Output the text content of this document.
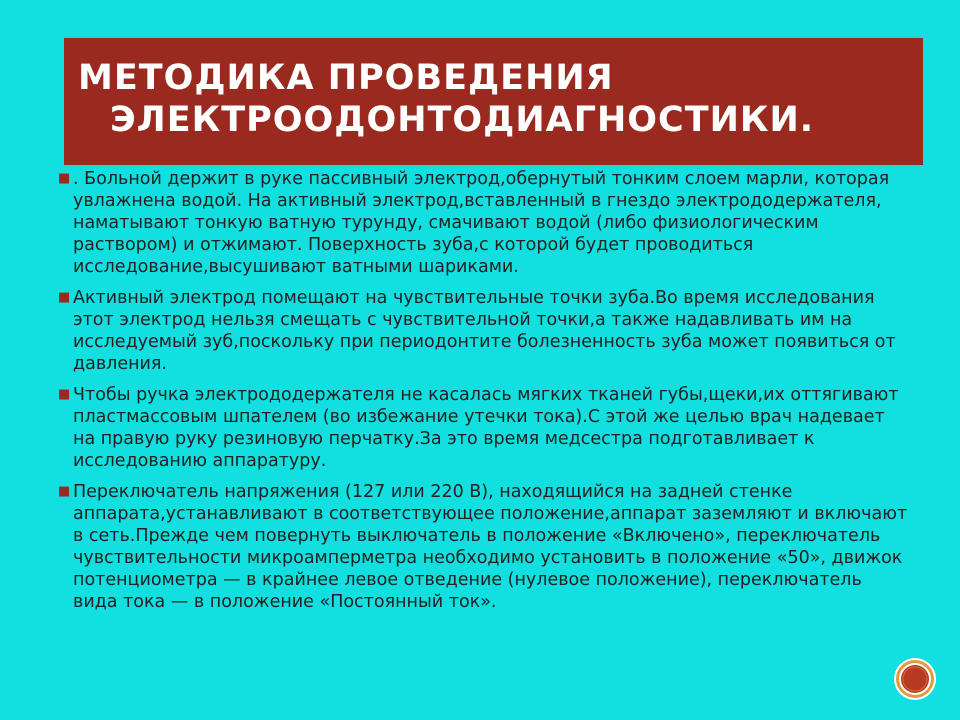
МЕТОДИКА ПРОВЕДЕНИЯ
ЭЛЕКТРООДОНТОДИАГНОСТИКИ.
■ . Больной держит в руке пассивный электрод,обернутый тонким слоем марли, которая увлажнена водой. На активный электрод,вставленный в гнездо электрододержателя, наматывают тонкую ватную турунду, смачивают водой (либо физиологическим раствором) и отжимают. Поверхность зуба,с которой будет проводиться исследование,высушивают ватными шариками.
■ Активный электрод помещают на чувствительные точки зуба.Во время исследования этот электрод нельзя смещать с чувствительной точки,а также надавливать им на исследуемый зуб,поскольку при периодонтите болезненность зуба может появиться от давления.
■ Чтобы ручка электрододержателя не касалась мягких тканей губы,щеки,их оттягивают пластмассовым шпателем (во избежание утечки тока).С этой же целью врач надевает на правую руку резиновую перчатку.За это время медсестра подготавливает к исследованию аппаратуру.
■ Переключатель напряжения (127 или 220 В), находящийся на задней стенке аппарата,устанавливают в соответствующее положение,аппарат заземляют и включают в сеть.Прежде чем повернуть выключатель в положение «Включено», переключатель чувствительности микроамперметра необходимо установить в положение «50», движок потенциометра — в крайнее левое отведение (нулевое положение), переключатель вида тока — в положение «Постоянный ток».
